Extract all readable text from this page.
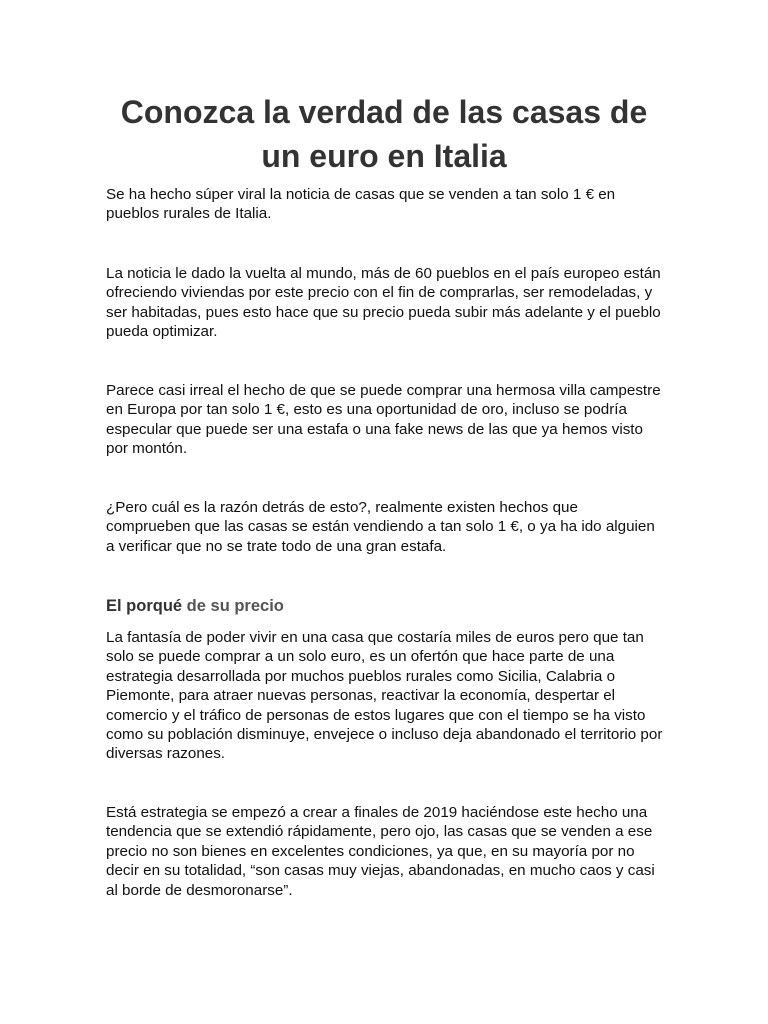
Conozca la verdad de las casas de un euro en Italia

Se ha hecho súper viral la noticia de casas que se venden a tan solo 1 € en pueblos rurales de Italia.

La noticia le dado la vuelta al mundo, más de 60 pueblos en el país europeo están ofreciendo viviendas por este precio con el fin de comprarlas, ser remodeladas, y ser habitadas, pues esto hace que su precio pueda subir más adelante y el pueblo pueda optimizar.

Parece casi irreal el hecho de que se puede comprar una hermosa villa campestre en Europa por tan solo 1 €, esto es una oportunidad de oro, incluso se podría especular que puede ser una estafa o una fake news de las que ya hemos visto por montón.

¿Pero cuál es la razón detrás de esto?, realmente existen hechos que comprueben que las casas se están vendiendo a tan solo 1 €, o ya ha ido alguien a verificar que no se trate todo de una gran estafa.

El porqué de su precio

La fantasía de poder vivir en una casa que costaría miles de euros pero que tan solo se puede comprar a un solo euro, es un ofertón que hace parte de una estrategia desarrollada por muchos pueblos rurales como Sicilia, Calabria o Piemonte, para atraer nuevas personas, reactivar la economía, despertar el comercio y el tráfico de personas de estos lugares que con el tiempo se ha visto como su población disminuye, envejece o incluso deja abandonado el territorio por diversas razones.

Está estrategia se empezó a crear a finales de 2019 haciéndose este hecho una tendencia que se extendió rápidamente, pero ojo, las casas que se venden a ese precio no son bienes en excelentes condiciones, ya que, en su mayoría por no decir en su totalidad, “son casas muy viejas, abandonadas, en mucho caos y casi al borde de desmoronarse”.
